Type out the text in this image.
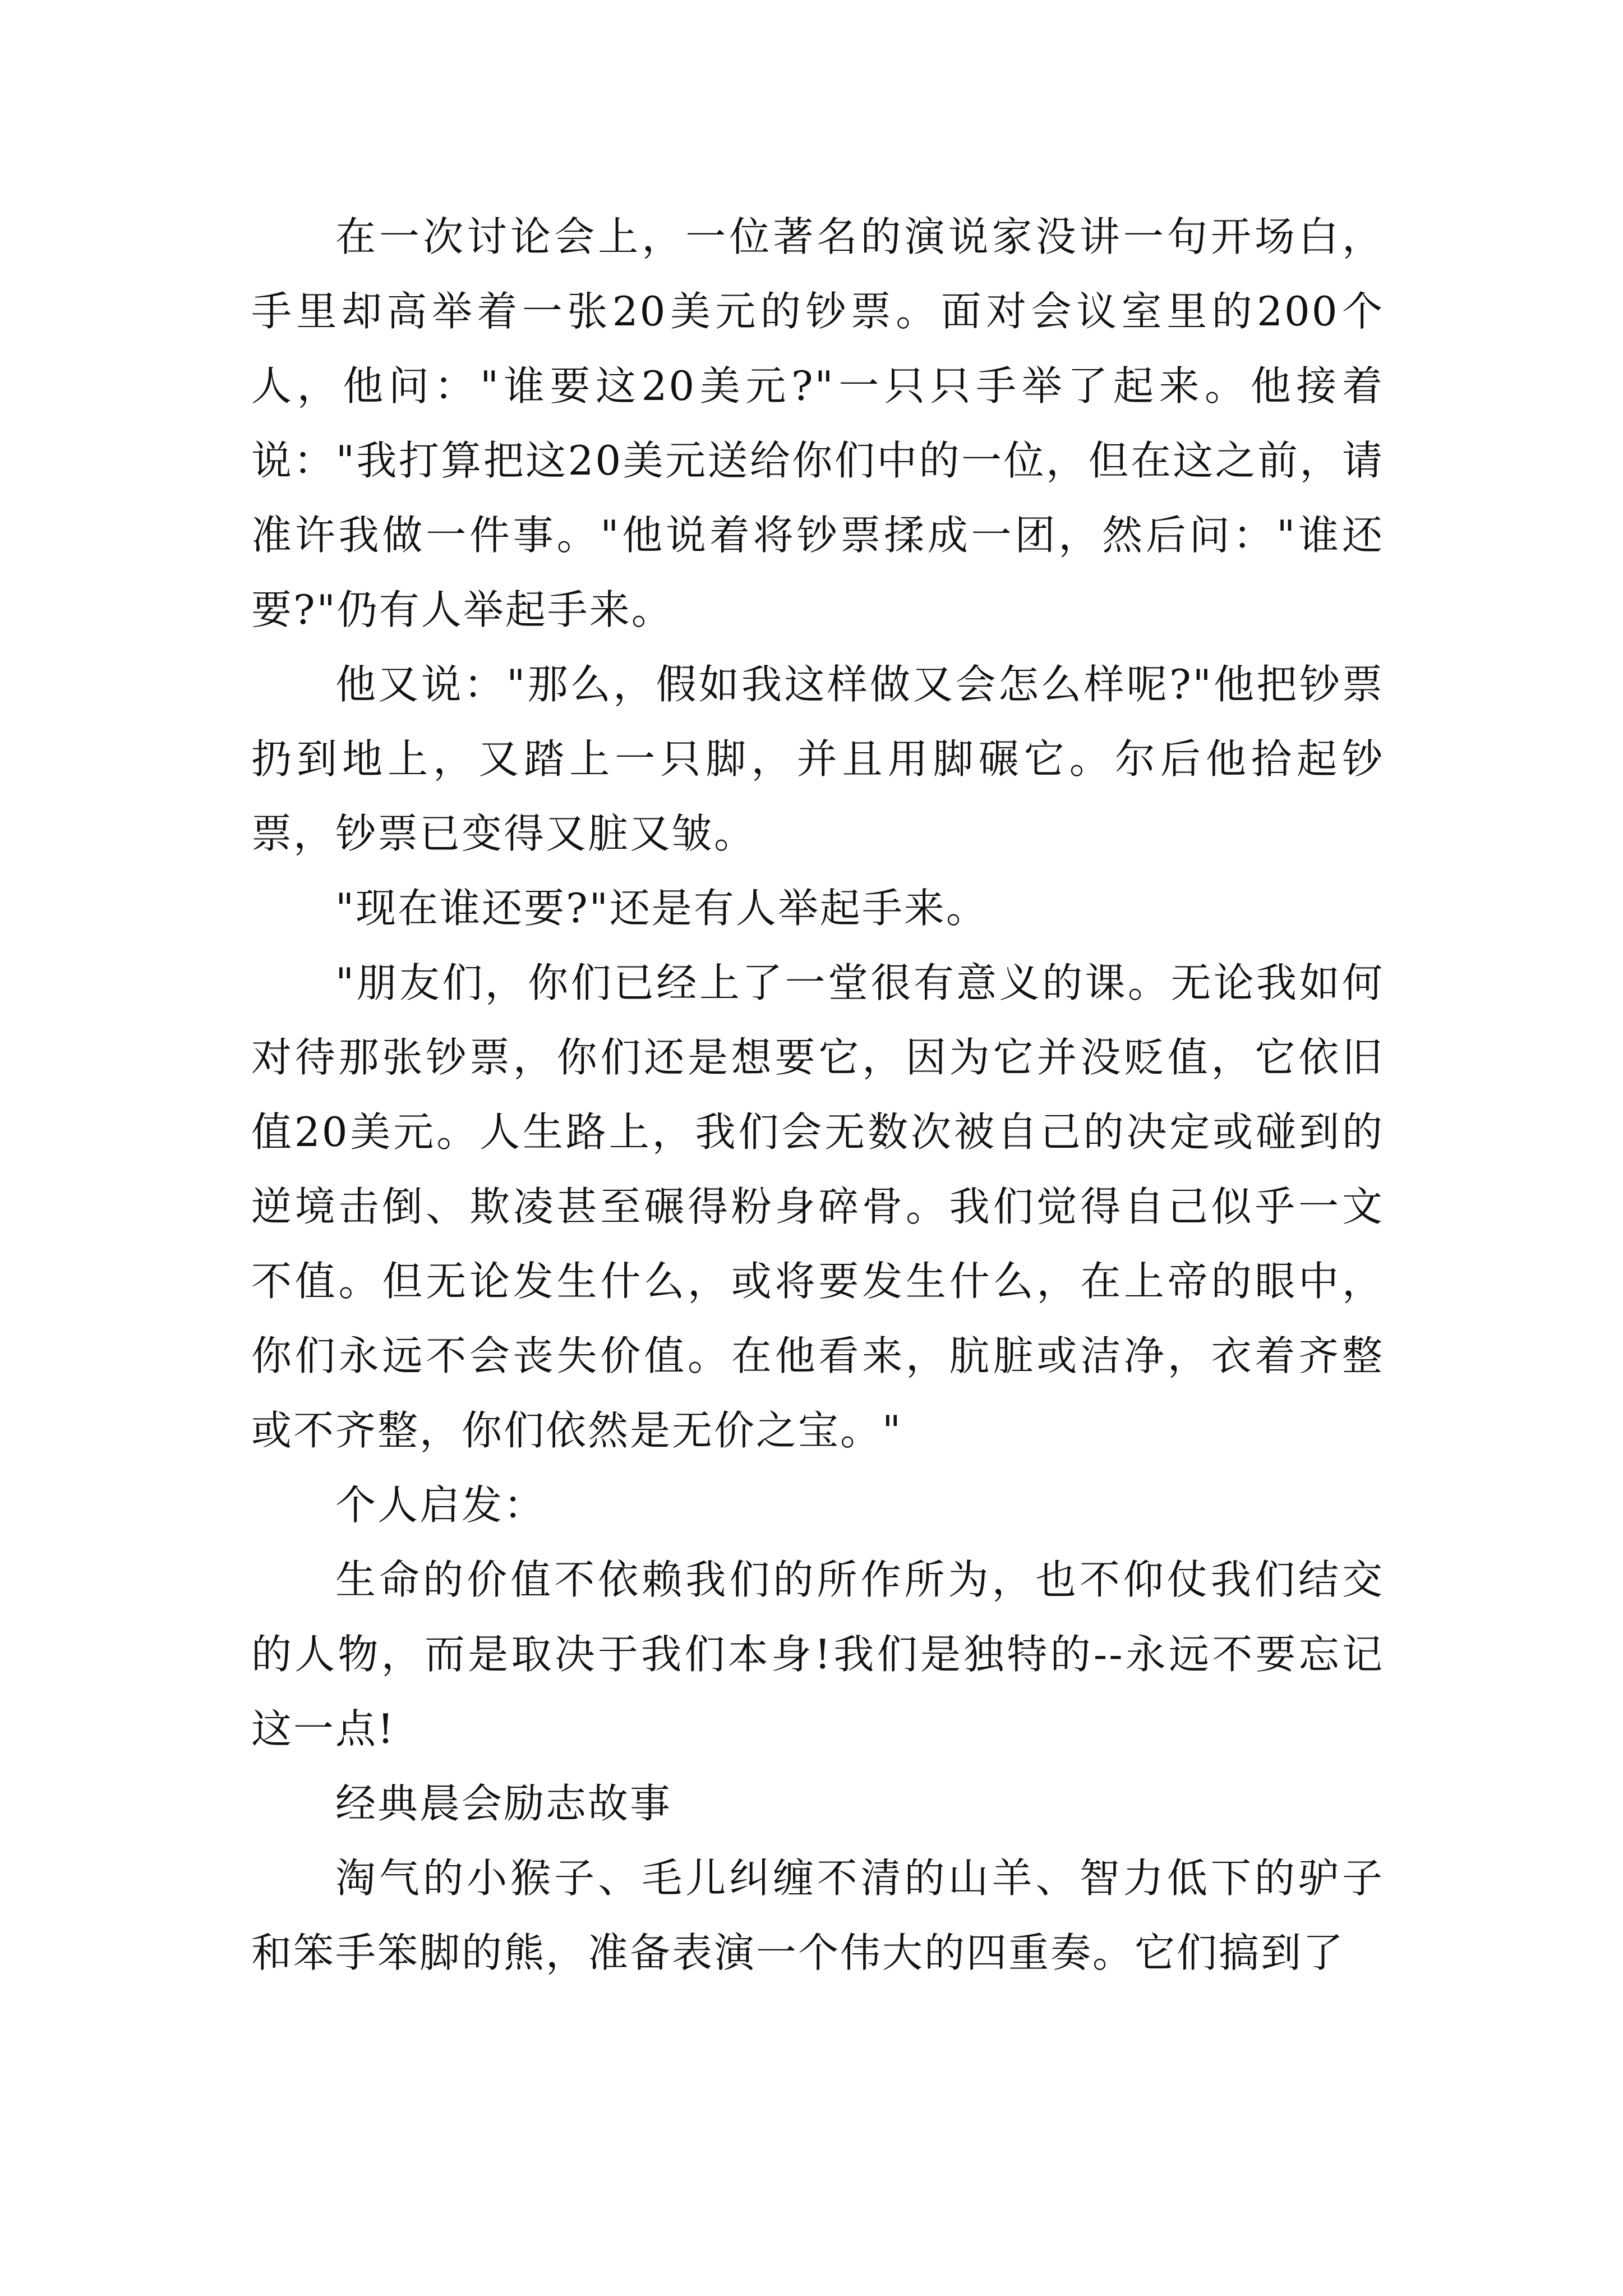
在一次讨论会上，一位著名的演说家没讲一句开场白，手里却高举着一张20美元的钞票。面对会议室里的200个人，他问："谁要这20美元?"一只只手举了起来。他接着说："我打算把这20美元送给你们中的一位，但在这之前，请准许我做一件事。"他说着将钞票揉成一团，然后问："谁还要?"仍有人举起手来。

他又说："那么，假如我这样做又会怎么样呢?"他把钞票扔到地上，又踏上一只脚，并且用脚碾它。尔后他拾起钞票，钞票已变得又脏又皱。

"现在谁还要?"还是有人举起手来。

"朋友们，你们已经上了一堂很有意义的课。无论我如何对待那张钞票，你们还是想要它，因为它并没贬值，它依旧值20美元。人生路上，我们会无数次被自己的决定或碰到的逆境击倒、欺凌甚至碾得粉身碎骨。我们觉得自己似乎一文不值。但无论发生什么，或将要发生什么，在上帝的眼中，你们永远不会丧失价值。在他看来，肮脏或洁净，衣着齐整或不齐整，你们依然是无价之宝。"

个人启发：

生命的价值不依赖我们的所作所为，也不仰仗我们结交的人物，而是取决于我们本身!我们是独特的--永远不要忘记这一点!

经典晨会励志故事

淘气的小猴子、毛儿纠缠不清的山羊、智力低下的驴子和笨手笨脚的熊，准备表演一个伟大的四重奏。它们搞到了
